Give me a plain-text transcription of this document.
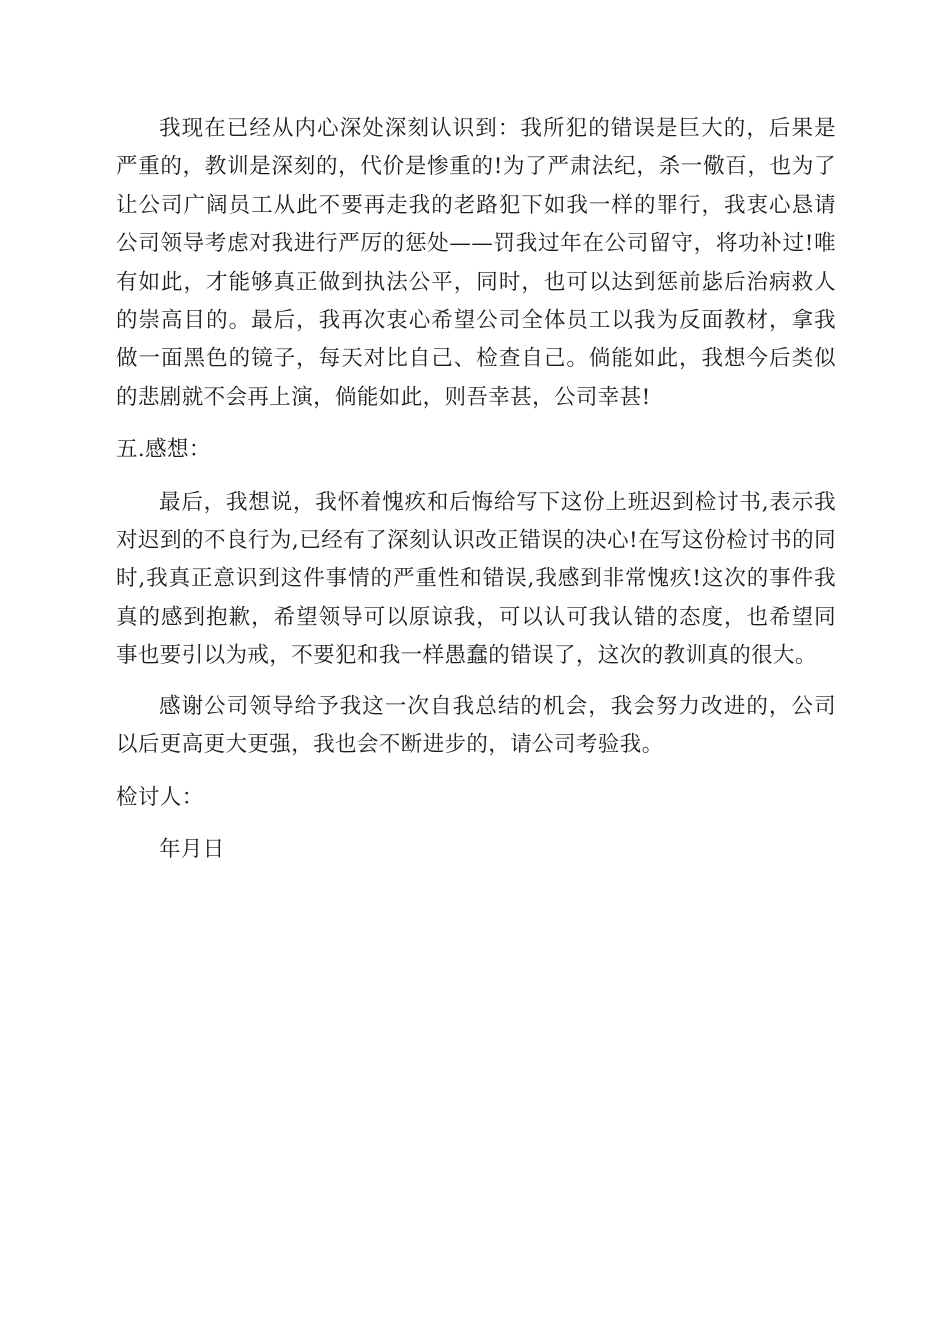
我现在已经从内心深处深刻认识到：我所犯的错误是巨大的，后果是严重的，教训是深刻的，代价是惨重的!为了严肃法纪，杀一儆百，也为了让公司广阔员工从此不要再走我的老路犯下如我一样的罪行，我衷心恳请公司领导考虑对我进行严厉的惩处——罚我过年在公司留守，将功补过!唯有如此，才能够真正做到执法公平，同时，也可以达到惩前毖后治病救人的崇高目的。最后，我再次衷心希望公司全体员工以我为反面教材，拿我做一面黑色的镜子，每天对比自己、检查自己。倘能如此，我想今后类似的悲剧就不会再上演，倘能如此，则吾幸甚，公司幸甚!

五.感想：

最后，我想说，我怀着愧疚和后悔给写下这份上班迟到检讨书,表示我对迟到的不良行为,已经有了深刻认识改正错误的决心!在写这份检讨书的同时,我真正意识到这件事情的严重性和错误,我感到非常愧疚!这次的事件我真的感到抱歉，希望领导可以原谅我，可以认可我认错的态度，也希望同事也要引以为戒，不要犯和我一样愚蠢的错误了，这次的教训真的很大。

感谢公司领导给予我这一次自我总结的机会，我会努力改进的，公司以后更高更大更强，我也会不断进步的，请公司考验我。

检讨人：

年月日
